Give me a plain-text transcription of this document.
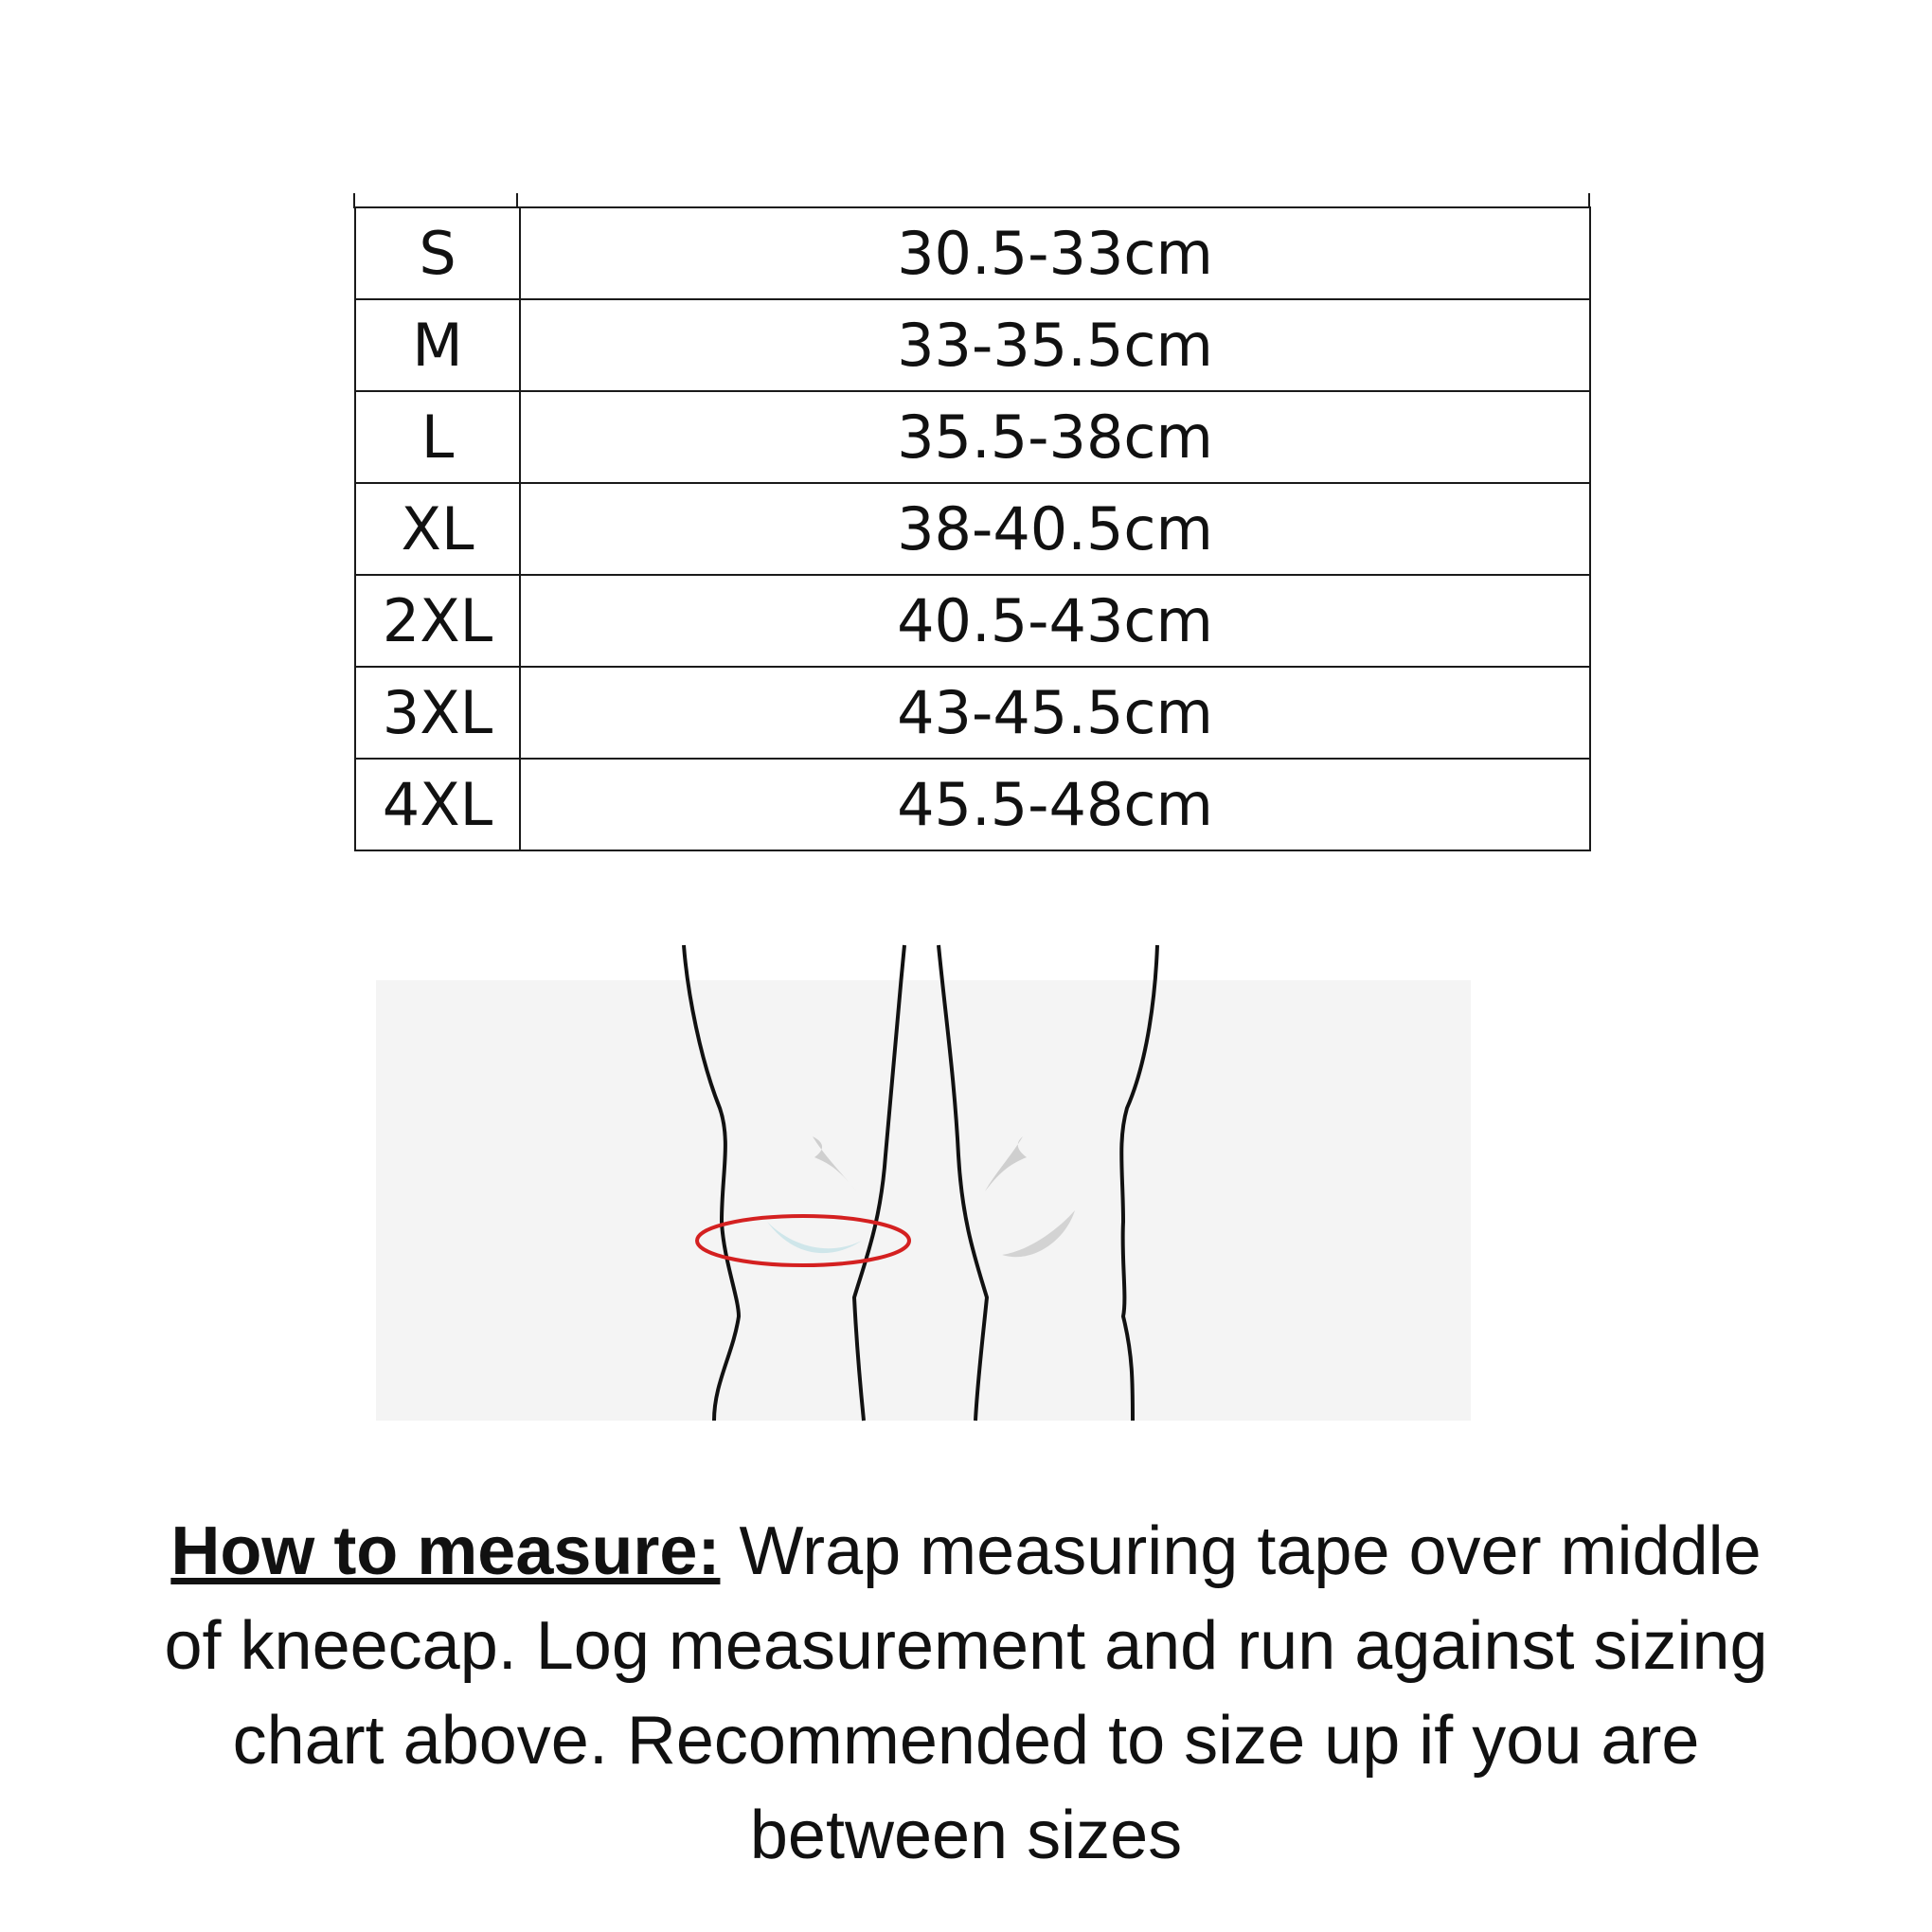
S	30.5-33cm
M	33-35.5cm
L	35.5-38cm
XL	38-40.5cm
2XL	40.5-43cm
3XL	43-45.5cm
4XL	45.5-48cm
How to measure: Wrap measuring tape over middle of kneecap. Log measurement and run against sizing chart above. Recommended to size up if you are between sizes
